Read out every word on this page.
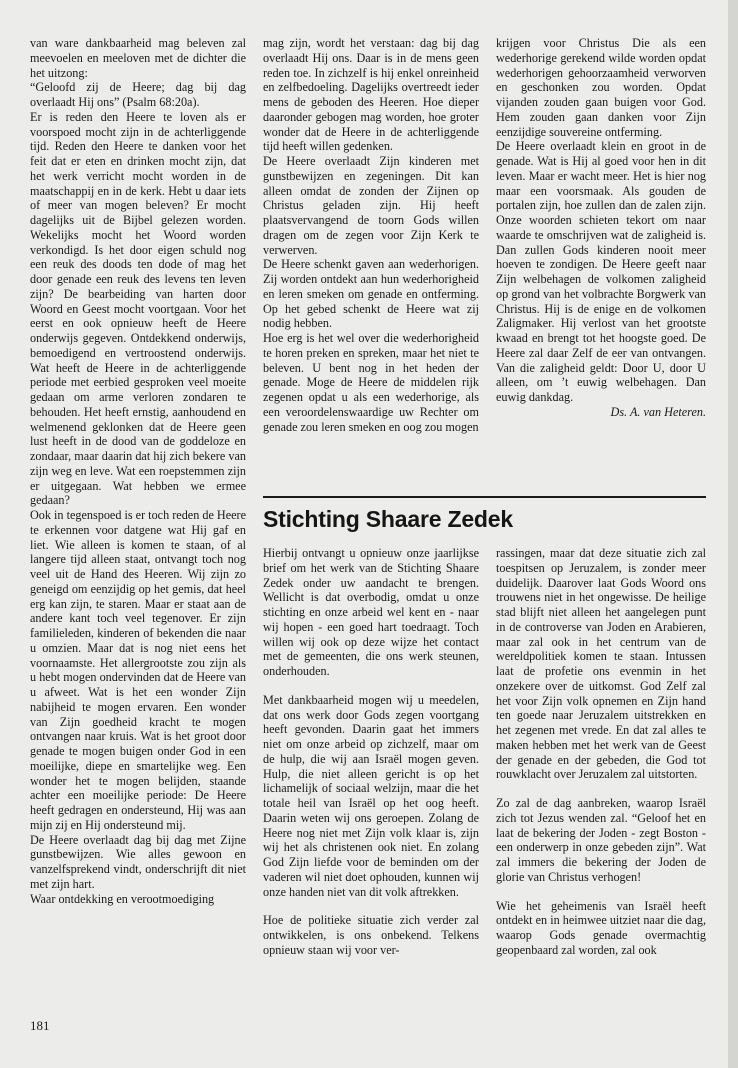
van ware dankbaarheid mag beleven zal meevoelen en meeloven met de dichter die het uitzong:

“Geloofd zij de Heere; dag bij dag overlaadt Hij ons” (Psalm 68:20a).

Er is reden den Heere te loven als er voorspoed mocht zijn in de achterliggende tijd. Reden den Heere te danken voor het feit dat er eten en drinken mocht zijn, dat het werk verricht mocht worden in de maatschappij en in de kerk. Hebt u daar iets of meer van mogen beleven? Er mocht dagelijks uit de Bijbel gelezen worden. Wekelijks mocht het Woord worden verkondigd. Is het door eigen schuld nog een reuk des doods ten dode of mag het door genade een reuk des levens ten leven zijn? De bearbeiding van harten door Woord en Geest mocht voortgaan. Voor het eerst en ook opnieuw heeft de Heere onderwijs gegeven. Ontdekkend onderwijs, bemoedigend en vertroostend onderwijs. Wat heeft de Heere in de achterliggende periode met eerbied gesproken veel moeite gedaan om arme verloren zondaren te behouden. Het heeft ernstig, aanhoudend en welmenend geklonken dat de Heere geen lust heeft in de dood van de goddeloze en zondaar, maar daarin dat hij zich bekere van zijn weg en leve. Wat een roepstemmen zijn er uitgegaan. Wat hebben we ermee gedaan?

Ook in tegenspoed is er toch reden de Heere te erkennen voor datgene wat Hij gaf en liet. Wie alleen is komen te staan, of al langere tijd alleen staat, ontvangt toch nog veel uit de Hand des Heeren. Wij zijn zo geneigd om eenzijdig op het gemis, dat heel erg kan zijn, te staren. Maar er staat aan de andere kant toch veel tegenover. Er zijn familieleden, kinderen of bekenden die naar u omzien. Maar dat is nog niet eens het voornaamste. Het allergrootste zou zijn als u hebt mogen ondervinden dat de Heere van u afweet. Wat is het een wonder Zijn nabijheid te mogen ervaren. Een wonder van Zijn goedheid kracht te mogen ontvangen naar kruis. Wat is het groot door genade te mogen buigen onder God in een moeilijke, diepe en smartelijke weg. Een wonder het te mogen belijden, staande achter een moeilijke periode: De Heere heeft gedragen en ondersteund, Hij was aan mijn zij en Hij ondersteund mij.

De Heere overlaadt dag bij dag met Zijne gunstbewijzen. Wie alles gewoon en vanzelfsprekend vindt, onderschrijft dit niet met zijn hart.

Waar ontdekking en verootmoediging

mag zijn, wordt het verstaan: dag bij dag overlaadt Hij ons. Daar is in de mens geen reden toe. In zichzelf is hij enkel onreinheid en zelfbedoeling. Dagelijks overtreedt ieder mens de geboden des Heeren. Hoe dieper daaronder gebogen mag worden, hoe groter wonder dat de Heere in de achterliggende tijd heeft willen gedenken.

De Heere overlaadt Zijn kinderen met gunstbewijzen en zegeningen. Dit kan alleen omdat de zonden der Zijnen op Christus geladen zijn. Hij heeft plaatsvervangend de toorn Gods willen dragen om de zegen voor Zijn Kerk te verwerven.

De Heere schenkt gaven aan wederhorigen. Zij worden ontdekt aan hun wederhorigheid en leren smeken om genade en ontferming. Op het gebed schenkt de Heere wat zij nodig hebben.

Hoe erg is het wel over die wederhorigheid te horen preken en spreken, maar het niet te beleven. U bent nog in het heden der genade. Moge de Heere de middelen rijk zegenen opdat u als een wederhorige, als een veroordelenswaardige uw Rechter om genade zou leren smeken en oog zou mogen

krijgen voor Christus Die als een wederhorige gerekend wilde worden opdat wederhorigen gehoorzaamheid verworven en geschonken zou worden. Opdat vijanden zouden gaan buigen voor God. Hem zouden gaan danken voor Zijn eenzijdige souvereine ontferming.

De Heere overlaadt klein en groot in de genade. Wat is Hij al goed voor hen in dit leven. Maar er wacht meer. Het is hier nog maar een voorsmaak. Als gouden de portalen zijn, hoe zullen dan de zalen zijn. Onze woorden schieten tekort om naar waarde te omschrijven wat de zaligheid is. Dan zullen Gods kinderen nooit meer hoeven te zondigen. De Heere geeft naar Zijn welbehagen de volkomen zaligheid op grond van het volbrachte Borgwerk van Christus. Hij is de enige en de volkomen Zaligmaker. Hij verlost van het grootste kwaad en brengt tot het hoogste goed. De Heere zal daar Zelf de eer van ontvangen. Van die zaligheid geldt: Door U, door U alleen, om ’t euwig welbehagen. Dan euwig dankdag.

Ds. A. van Heteren.

Stichting Shaare Zedek

Hierbij ontvangt u opnieuw onze jaarlijkse brief om het werk van de Stichting Shaare Zedek onder uw aandacht te brengen. Wellicht is dat overbodig, omdat u onze stichting en onze arbeid wel kent en - naar wij hopen - een goed hart toedraagt. Toch willen wij ook op deze wijze het contact met de gemeenten, die ons werk steunen, onderhouden.

Met dankbaarheid mogen wij u meedelen, dat ons werk door Gods zegen voortgang heeft gevonden. Daarin gaat het immers niet om onze arbeid op zichzelf, maar om de hulp, die wij aan Israël mogen geven. Hulp, die niet alleen gericht is op het lichamelijk of sociaal welzijn, maar die het totale heil van Israël op het oog heeft. Daarin weten wij ons geroepen. Zolang de Heere nog niet met Zijn volk klaar is, zijn wij het als christenen ook niet. En zolang God Zijn liefde voor de beminden om der vaderen wil niet doet ophouden, kunnen wij onze handen niet van dit volk aftrekken.

Hoe de politieke situatie zich verder zal ontwikkelen, is ons onbekend. Telkens opnieuw staan wij voor ver-

rassingen, maar dat deze situatie zich zal toespitsen op Jeruzalem, is zonder meer duidelijk. Daarover laat Gods Woord ons trouwens niet in het ongewisse. De heilige stad blijft niet alleen het aangelegen punt in de controverse van Joden en Arabieren, maar zal ook in het centrum van de wereldpolitiek komen te staan. Intussen laat de profetie ons evenmin in het onzekere over de uitkomst. God Zelf zal het voor Zijn volk opnemen en Zijn hand ten goede naar Jeruzalem uitstrekken en het zegenen met vrede. En dat zal alles te maken hebben met het werk van de Geest der genade en der gebeden, die God tot rouwklacht over Jeruzalem zal uitstorten.

Zo zal de dag aanbreken, waarop Israël zich tot Jezus wenden zal. “Geloof het en laat de bekering der Joden - zegt Boston - een onderwerp in onze gebeden zijn”. Wat zal immers die bekering der Joden de glorie van Christus verhogen!

Wie het geheimenis van Israël heeft ontdekt en in heimwee uitziet naar die dag, waarop Gods genade overmachtig geopenbaard zal worden, zal ook

181
